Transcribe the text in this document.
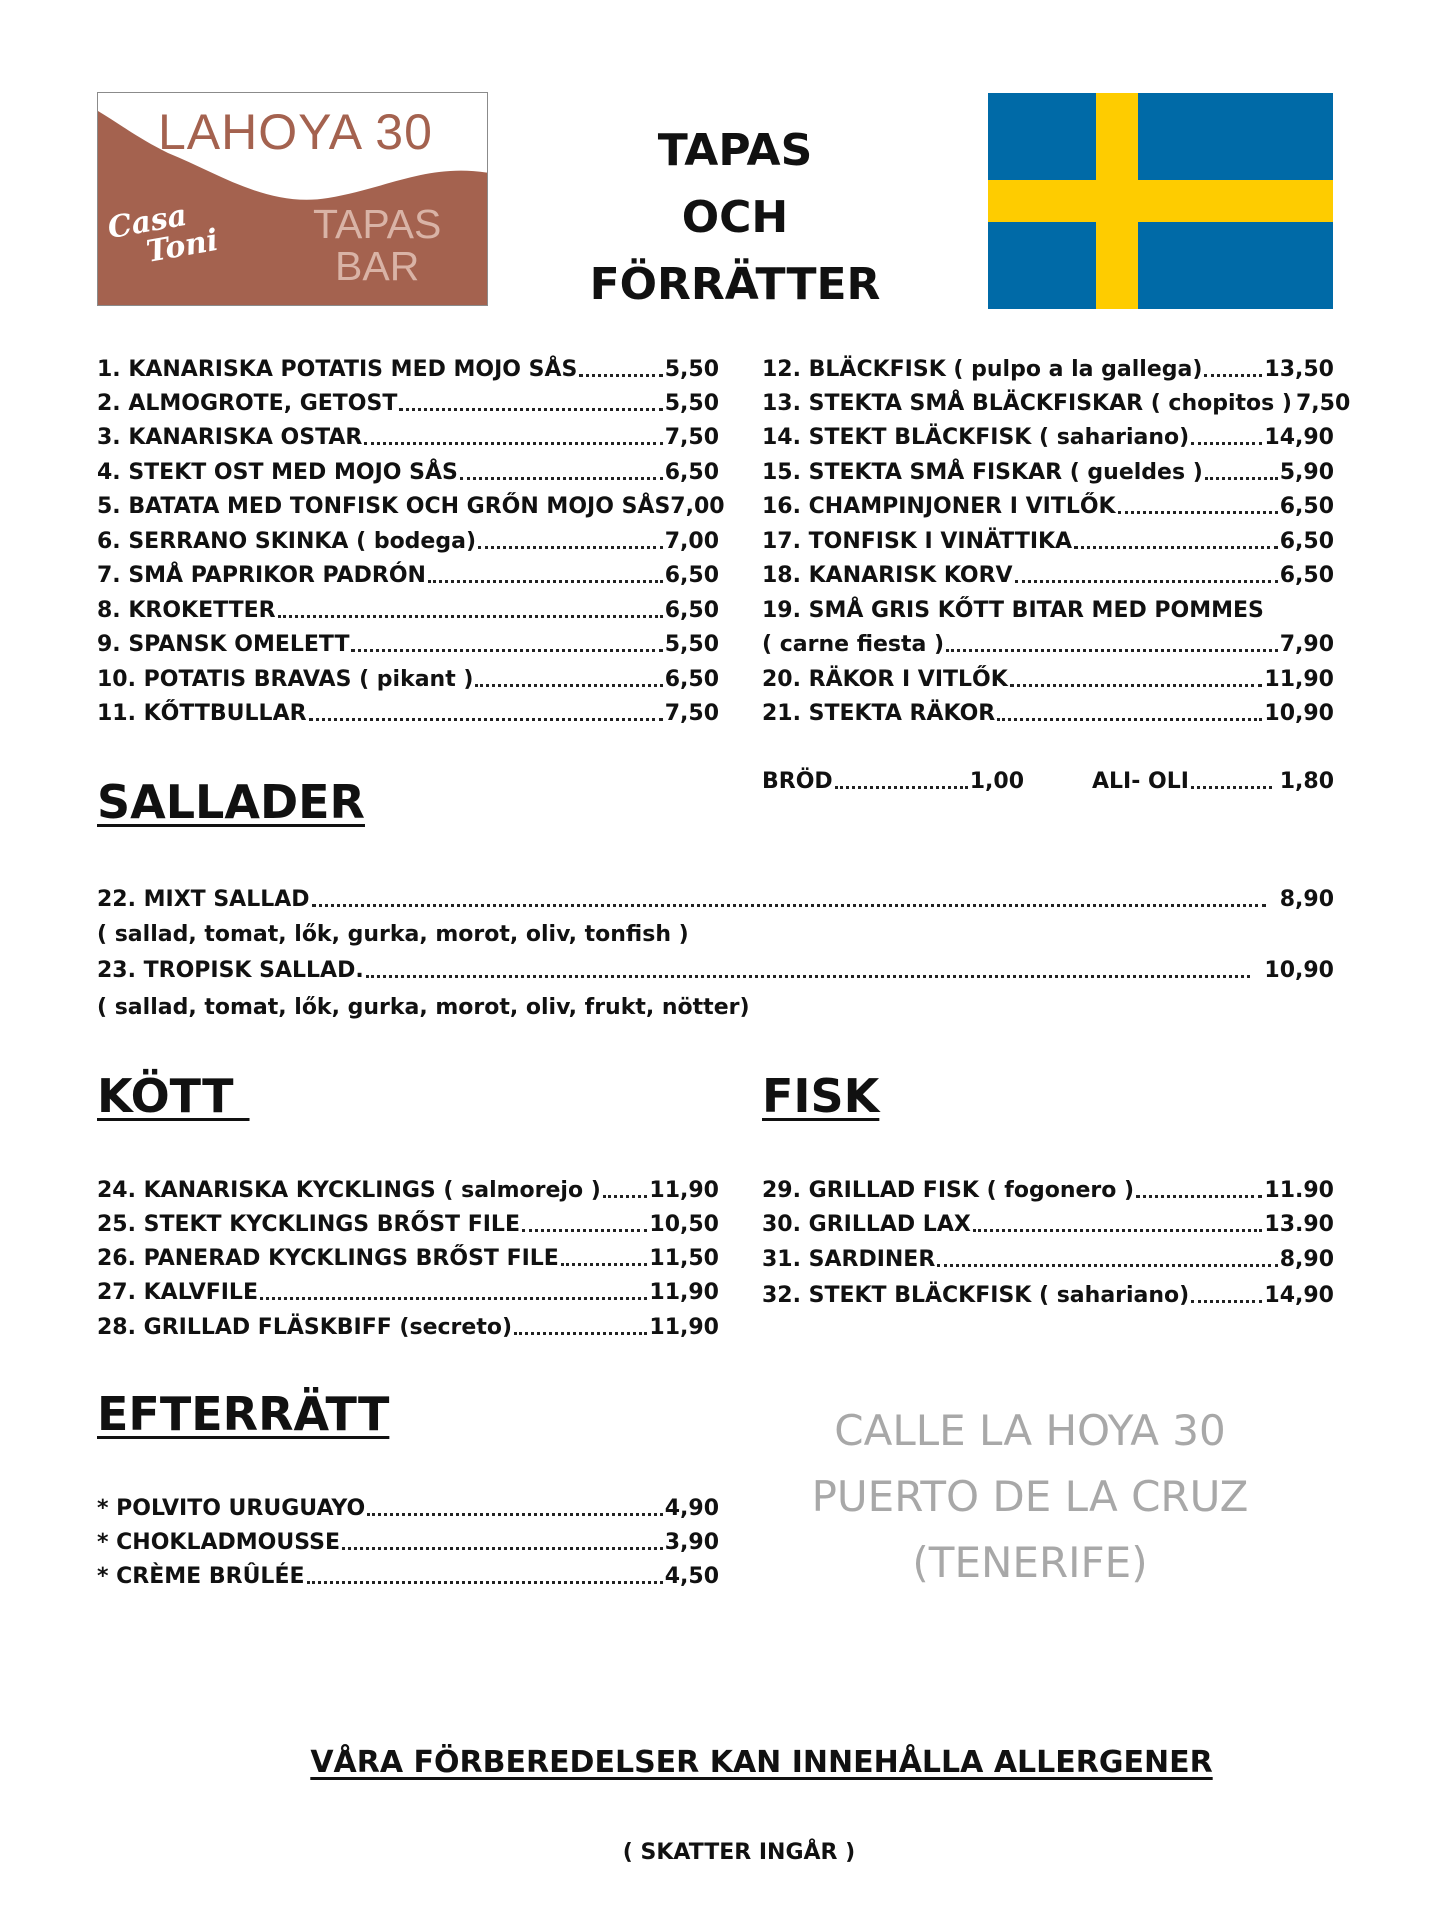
LAHOYA 30
Casa
Toni TAPAS
BAR
TAPAS
OCH
FÖRRÄTTER
1. KANARISKA POTATIS MED MOJO SÅS	5,50
2. ALMOGROTE, GETOST	5,50
3. KANARISKA OSTAR	7,50
4. STEKT OST MED MOJO SÅS	6,50
5. BATATA MED TONFISK OCH GRŐN MOJO SÅS 7,00
6. SERRANO SKINKA ( bodega)	7,00
7. SMÅ PAPRIKOR PADRÓN	6,50
8. KROKETTER	6,50
9. SPANSK OMELETT	5,50
10. POTATIS BRAVAS ( pikant )	6,50
11. KŐTTBULLAR	7,50
12. BLÄCKFISK ( pulpo a la gallega)	13,50
13. STEKTA SMÅ BLÄCKFISKAR ( chopitos ) 7,50
14. STEKT BLÄCKFISK ( sahariano)	14,90
15. STEKTA SMÅ FISKAR ( gueldes )	5,90
16. CHAMPINJONER I VITLŐK	6,50
17. TONFISK I VINÄTTIKA	6,50
18. KANARISK KORV	6,50
19. SMÅ GRIS KŐTT BITAR MED POMMES
( carne fiesta )	7,90
20. RÄKOR I VITLŐK	11,90
21. STEKTA RÄKOR	10,90
BRÖD	1,00	ALI- OLI	1,80
SALLADER
22. MIXT SALLAD	8,90
( sallad, tomat, lők, gurka, morot, oliv, tonfish )
23. TROPISK SALLAD.	10,90
( sallad, tomat, lők, gurka, morot, oliv, frukt, nötter)
KÖTT
24. KANARISKA KYCKLINGS ( salmorejo ) 11,90
25. STEKT KYCKLINGS BRŐST FILE	10,50
26. PANERAD KYCKLINGS BRŐST FILE	11,50
27. KALVFILE	11,90
28. GRILLAD FLÄSKBIFF (secreto)	11,90
FISK
29. GRILLAD FISK ( fogonero )	11.90
30. GRILLAD LAX	13.90
31. SARDINER	8,90
32. STEKT BLÄCKFISK ( sahariano)	14,90
EFTERRÄTT
* POLVITO URUGUAYO	4,90
* CHOKLADMOUSSE	3,90
* CRÈME BRÛLÉE	4,50
CALLE LA HOYA 30
PUERTO DE LA CRUZ
(TENERIFE)
VÅRA FÖRBEREDELSER KAN INNEHÅLLA ALLERGENER
( SKATTER INGÅR )
